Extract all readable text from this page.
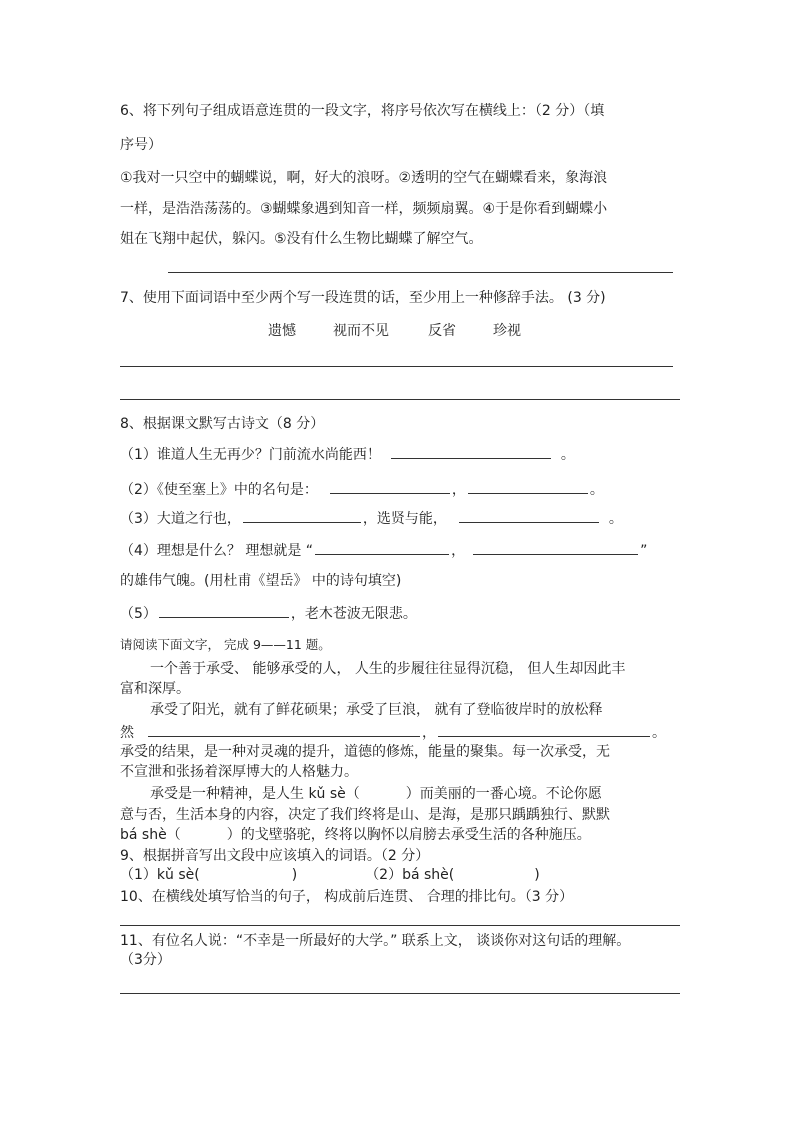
6、将下列句子组成语意连贯的一段文字，将序号依次写在横线上：（2 分）（填
序号）
①我对一只空中的蝴蝶说，啊，好大的浪呀。②透明的空气在蝴蝶看来，象海浪
一样，是浩浩荡荡的。③蝴蝶象遇到知音一样，频频扇翼。④于是你看到蝴蝶小
姐在飞翔中起伏，躲闪。⑤没有什么生物比蝴蝶了解空气。
7、使用下面词语中至少两个写一段连贯的话，至少用上一种修辞手法。 (3 分)
遗憾	视而不见	反省	珍视
8、根据课文默写古诗文（8 分）
（1）谁道人生无再少？门前流水尚能西！	。
（2）《使至塞上》中的名句是：	，	。
（3）大道之行也，	，选贤与能，	。
（4）理想是什么？ 理想就是 “	，	”
的雄伟气魄。(用杜甫《望岳》 中的诗句填空)
（5）	，老木苍波无限悲。
请阅读下面文字， 完成 9——11 题。
一个善于承受、 能够承受的人， 人生的步履往往显得沉稳， 但人生却因此丰
富和深厚。
承受了阳光，就有了鲜花硕果；承受了巨浪， 就有了登临彼岸时的放松释
然	，	。
承受的结果，是一种对灵魂的提升，道德的修炼，能量的聚集。每一次承受，无
不宣泄和张扬着深厚博大的人格魅力。
承受是一种精神，是人生 kǔ sè（	）而美丽的一番心境。不论你愿
意与否，生活本身的内容，决定了我们终将是山、是海，是那只踽踽独行、默默
bá shè（	）的戈壁骆驼，终将以胸怀以肩膀去承受生活的各种施压。
9、根据拼音写出文段中应该填入的词语。（2 分）
（1）kǔ sè(	)	（2）bá shè(	)
10、在横线处填写恰当的句子， 构成前后连贯、 合理的排比句。（3 分）
11、有位名人说：“不幸是一所最好的大学。” 联系上文， 谈谈你对这句话的理解。
（3分）
